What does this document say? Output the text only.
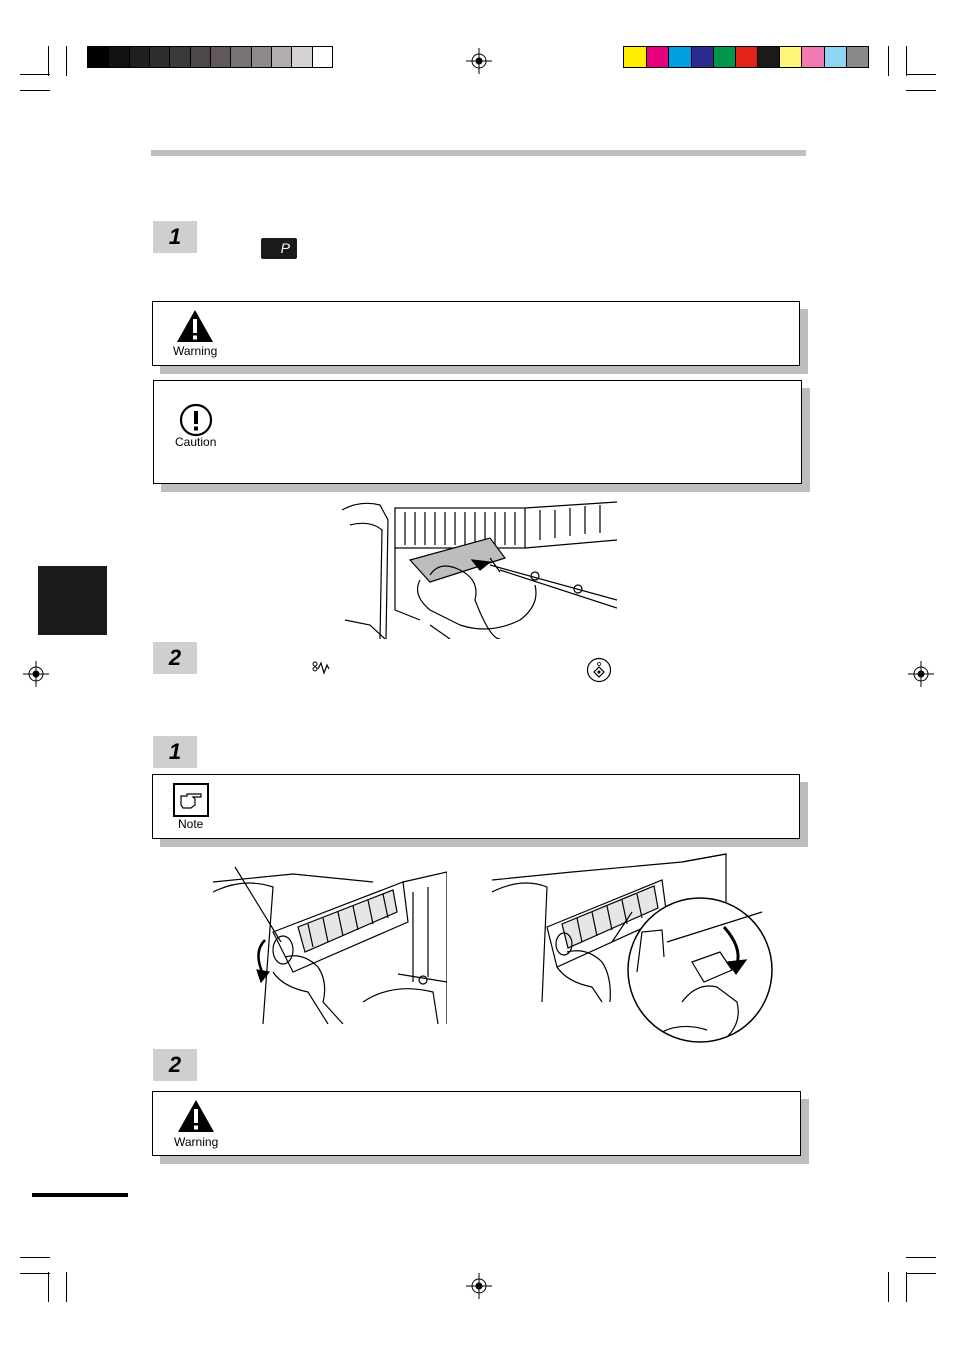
1	P
Warning
Caution
2
1
Note
2
Warning
